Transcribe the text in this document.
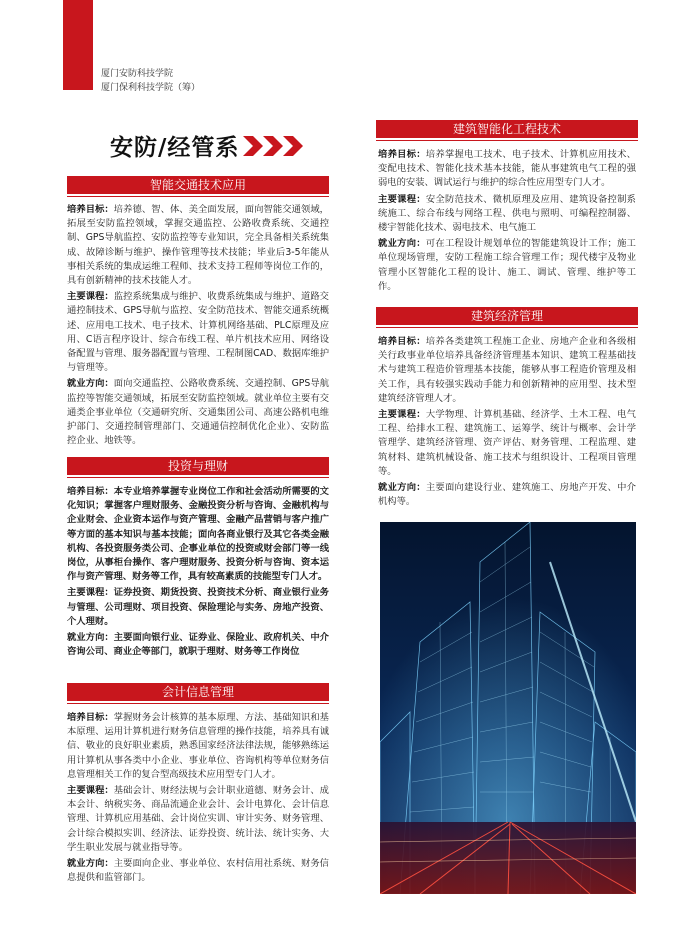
厦门安防科技学院
厦门保利科技学院（筹）
安防/经管系
智能交通技术应用

培养目标：培养德、智、体、美全面发展，面向智能交通领域，拓展至安防监控领域，掌握交通监控、公路收费系统、交通控制、GPS导航监控、安防监控等专业知识，完全具备相关系统集成、故障诊断与维护、操作管理等技术技能；毕业后3-5年能从事相关系统的集成运维工程师、技术支持工程师等岗位工作的，具有创新精神的技术技能人才。

主要课程：监控系统集成与维护、收费系统集成与维护、道路交通控制技术、GPS导航与监控、安全防范技术、智能交通系统概述、应用电工技术、电子技术、计算机网络基础、PLC原理及应用、C语言程序设计、综合布线工程、单片机技术应用、网络设备配置与管理、服务器配置与管理、工程制图CAD、数据库维护与管理等。

就业方向：面向交通监控、公路收费系统、交通控制、GPS导航监控等智能交通领域，拓展至安防监控领域。就业单位主要有交通类企事业单位（交通研究所、交通集团公司、高速公路机电维护部门、交通控制管理部门、交通通信控制优化企业）、安防监控企业、地铁等。

投资与理财

培养目标：本专业培养掌握专业岗位工作和社会活动所需要的文化知识；掌握客户理财服务、金融投资分析与咨询、金融机构与企业财会、企业资本运作与资产管理、金融产品营销与客户推广等方面的基本知识与基本技能；面向各商业银行及其它各类金融机构、各投资服务类公司、企事业单位的投资或财会部门等一线岗位，从事柜台操作、客户理财服务、投资分析与咨询、资本运作与资产管理、财务等工作，具有较高素质的技能型专门人才。

主要课程：证券投资、期货投资、投资技术分析、商业银行业务与管理、公司理财、项目投资、保险理论与实务、房地产投资、个人理财。

就业方向：主要面向银行业、证券业、保险业、政府机关、中介咨询公司、商业企等部门，就职于理财、财务等工作岗位

会计信息管理

培养目标：掌握财务会计核算的基本原理、方法、基础知识和基本原理、运用计算机进行财务信息管理的操作技能，培养具有诚信、敬业的良好职业素质，熟悉国家经济法律法规，能够熟练运用计算机从事各类中小企业、事业单位、咨询机构等单位财务信息管理相关工作的复合型高级技术应用型专门人才。

主要课程：基础会计、财经法规与会计职业道德、财务会计、成本会计、纳税实务、商品流通企业会计、会计电算化、会计信息管理、计算机应用基础、会计岗位实训、审计实务、财务管理、会计综合模拟实训、经济法、证券投资、统计法、统计实务、大学生职业发展与就业指导等。

就业方向：主要面向企业、事业单位、农村信用社系统、财务信息提供和监管部门。

建筑智能化工程技术

培养目标：培养掌握电工技术、电子技术、计算机应用技术、变配电技术、智能化技术基本技能，能从事建筑电气工程的强弱电的安装、调试运行与维护的综合性应用型专门人才。

主要课程：安全防范技术、微机原理及应用、建筑设备控制系统施工、综合布线与网络工程、供电与照明、可编程控制器、楼宇智能化技术、弱电技术、电气施工

就业方向：可在工程设计规划单位的智能建筑设计工作；施工单位现场管理，安防工程施工综合管理工作；现代楼宇及物业管理小区智能化工程的设计、施工、调试、管理、维护等工作。

建筑经济管理

培养目标：培养各类建筑工程施工企业、房地产企业和各级相关行政事业单位培养具备经济管理基本知识、建筑工程基础技术与建筑工程造价管理基本技能，能够从事工程造价管理及相关工作，具有较强实践动手能力和创新精神的应用型、技术型建筑经济管理人才。

主要课程：大学物理、计算机基础、经济学、土木工程、电气工程、给排水工程、建筑施工、运筹学、统计与概率、会计学管理学、建筑经济管理、资产评估、财务管理、工程监理、建筑材料、建筑机械设备、施工技术与组织设计、工程项目管理等。

就业方向：主要面向建设行业、建筑施工、房地产开发、中介机构等。
